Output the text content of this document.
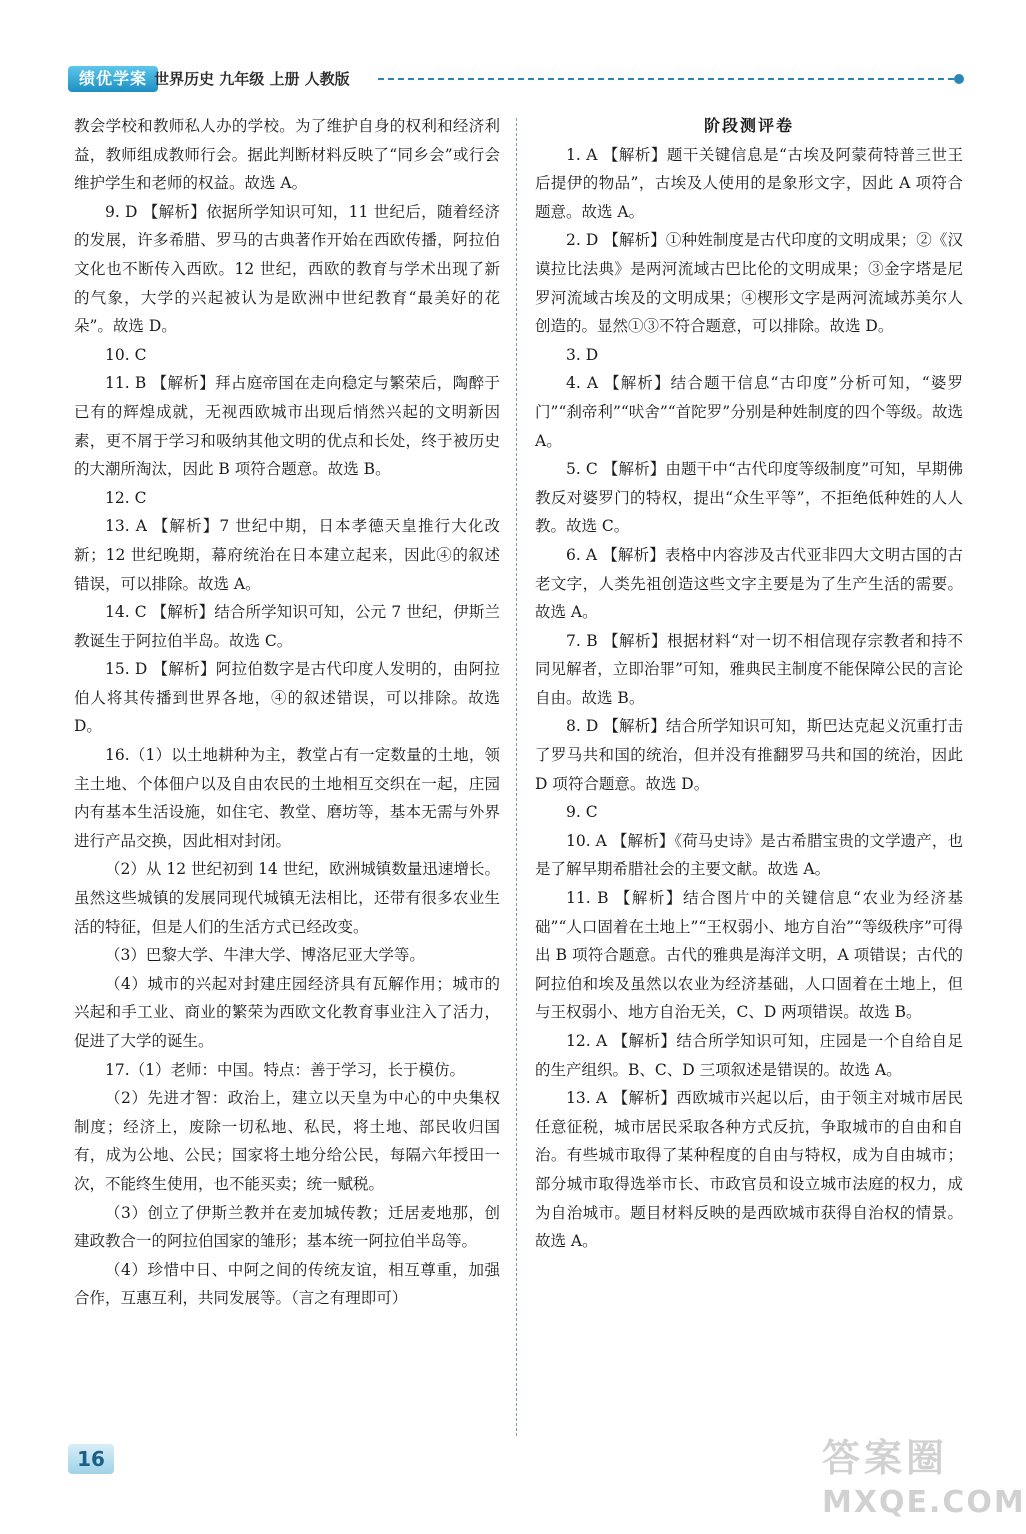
绩优学案 世界历史 九年级 上册 人教版

教会学校和教师私人办的学校。为了维护自身的权利和经济利益，教师组成教师行会。据此判断材料反映了“同乡会”或行会维护学生和老师的权益。故选 A。

9. D 【解析】依据所学知识可知，11 世纪后，随着经济的发展，许多希腊、罗马的古典著作开始在西欧传播，阿拉伯文化也不断传入西欧。12 世纪，西欧的教育与学术出现了新的气象，大学的兴起被认为是欧洲中世纪教育“最美好的花朵”。故选 D。

10. C

11. B 【解析】拜占庭帝国在走向稳定与繁荣后，陶醉于已有的辉煌成就，无视西欧城市出现后悄然兴起的文明新因素，更不屑于学习和吸纳其他文明的优点和长处，终于被历史的大潮所淘汰，因此 B 项符合题意。故选 B。

12. C

13. A 【解析】7 世纪中期，日本孝德天皇推行大化改新；12 世纪晚期，幕府统治在日本建立起来，因此④的叙述错误，可以排除。故选 A。

14. C 【解析】结合所学知识可知，公元 7 世纪，伊斯兰教诞生于阿拉伯半岛。故选 C。

15. D 【解析】阿拉伯数字是古代印度人发明的，由阿拉伯人将其传播到世界各地，④的叙述错误，可以排除。故选 D。

16.（1）以土地耕种为主，教堂占有一定数量的土地，领主土地、个体佃户以及自由农民的土地相互交织在一起，庄园内有基本生活设施，如住宅、教堂、磨坊等，基本无需与外界进行产品交换，因此相对封闭。

（2）从 12 世纪初到 14 世纪，欧洲城镇数量迅速增长。虽然这些城镇的发展同现代城镇无法相比，还带有很多农业生活的特征，但是人们的生活方式已经改变。

（3）巴黎大学、牛津大学、博洛尼亚大学等。

（4）城市的兴起对封建庄园经济具有瓦解作用；城市的兴起和手工业、商业的繁荣为西欧文化教育事业注入了活力，促进了大学的诞生。

17.（1）老师：中国。特点：善于学习，长于模仿。

（2）先进才智：政治上，建立以天皇为中心的中央集权制度；经济上，废除一切私地、私民，将土地、部民收归国有，成为公地、公民；国家将土地分给公民，每隔六年授田一次，不能终生使用，也不能买卖；统一赋税。

（3）创立了伊斯兰教并在麦加城传教；迁居麦地那，创建政教合一的阿拉伯国家的雏形；基本统一阿拉伯半岛等。

（4）珍惜中日、中阿之间的传统友谊，相互尊重，加强合作，互惠互利，共同发展等。（言之有理即可）

阶段测评卷

1. A 【解析】题干关键信息是“古埃及阿蒙荷特普三世王后提伊的物品”，古埃及人使用的是象形文字，因此 A 项符合题意。故选 A。

2. D 【解析】①种姓制度是古代印度的文明成果；②《汉谟拉比法典》是两河流域古巴比伦的文明成果；③金字塔是尼罗河流域古埃及的文明成果；④楔形文字是两河流域苏美尔人创造的。显然①③不符合题意，可以排除。故选 D。

3. D

4. A 【解析】结合题干信息“古印度”分析可知，“婆罗门”“刹帝利”“吠舍”“首陀罗”分别是种姓制度的四个等级。故选 A。

5. C 【解析】由题干中“古代印度等级制度”可知，早期佛教反对婆罗门的特权，提出“众生平等”，不拒绝低种姓的人人教。故选 C。

6. A 【解析】表格中内容涉及古代亚非四大文明古国的古老文字，人类先祖创造这些文字主要是为了生产生活的需要。故选 A。

7. B 【解析】根据材料“对一切不相信现存宗教者和持不同见解者，立即治罪”可知，雅典民主制度不能保障公民的言论自由。故选 B。

8. D 【解析】结合所学知识可知，斯巴达克起义沉重打击了罗马共和国的统治，但并没有推翻罗马共和国的统治，因此 D 项符合题意。故选 D。

9. C

10. A 【解析】《荷马史诗》是古希腊宝贵的文学遗产，也是了解早期希腊社会的主要文献。故选 A。

11. B 【解析】结合图片中的关键信息“农业为经济基础”“人口固着在土地上”“王权弱小、地方自治”“等级秩序”可得出 B 项符合题意。古代的雅典是海洋文明，A 项错误；古代的阿拉伯和埃及虽然以农业为经济基础，人口固着在土地上，但与王权弱小、地方自治无关，C、D 两项错误。故选 B。

12. A 【解析】结合所学知识可知，庄园是一个自给自足的生产组织。B、C、D 三项叙述是错误的。故选 A。

13. A 【解析】西欧城市兴起以后，由于领主对城市居民任意征税，城市居民采取各种方式反抗，争取城市的自由和自治。有些城市取得了某种程度的自由与特权，成为自由城市；部分城市取得选举市长、市政官员和设立城市法庭的权力，成为自治城市。题目材料反映的是西欧城市获得自治权的情景。故选 A。

16	答案圈
MXQE.COM
